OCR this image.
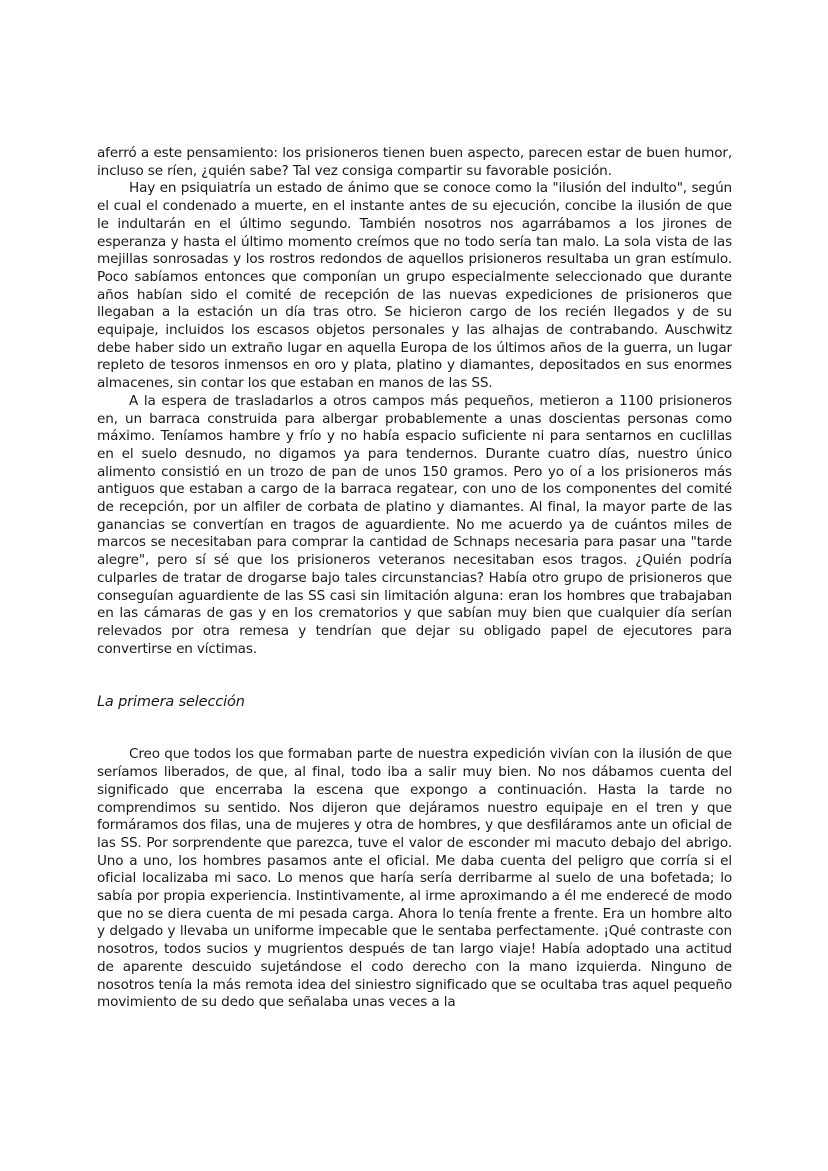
aferró a este pensamiento: los prisioneros tienen buen aspecto, parecen estar de buen humor, incluso se ríen, ¿quién sabe? Tal vez consiga compartir su favorable posición.

Hay en psiquiatría un estado de ánimo que se conoce como la "ilusión del indulto", según el cual el condenado a muerte, en el instante antes de su ejecución, concibe la ilusión de que le indultarán en el último segundo. También nosotros nos agarrábamos a los jirones de esperanza y hasta el último momento creímos que no todo sería tan malo. La sola vista de las mejillas sonrosadas y los rostros redondos de aquellos prisioneros resultaba un gran estímulo. Poco sabíamos entonces que componían un grupo especialmente seleccionado que durante años habían sido el comité de recepción de las nuevas expediciones de prisioneros que llegaban a la estación un día tras otro. Se hicieron cargo de los recién llegados y de su equipaje, incluidos los escasos objetos personales y las alhajas de contrabando. Auschwitz debe haber sido un extraño lugar en aquella Europa de los últimos años de la guerra, un lugar repleto de tesoros inmensos en oro y plata, platino y diamantes, depositados en sus enormes almacenes, sin contar los que estaban en manos de las SS.

A la espera de trasladarlos a otros campos más pequeños, metieron a 1100 prisioneros en, un barraca construida para albergar probablemente a unas doscientas personas como máximo. Teníamos hambre y frío y no había espacio suficiente ni para sentarnos en cuclillas en el suelo desnudo, no digamos ya para tendernos. Durante cuatro días, nuestro único alimento consistió en un trozo de pan de unos 150 gramos. Pero yo oí a los prisioneros más antiguos que estaban a cargo de la barraca regatear, con uno de los componentes del comité de recepción, por un alfiler de corbata de platino y diamantes. Al final, la mayor parte de las ganancias se convertían en tragos de aguardiente. No me acuerdo ya de cuántos miles de marcos se necesitaban para comprar la cantidad de Schnaps necesaria para pasar una "tarde alegre", pero sí sé que los prisioneros veteranos necesitaban esos tragos. ¿Quién podría culparles de tratar de drogarse bajo tales circunstancias? Había otro grupo de prisioneros que conseguían aguardiente de las SS casi sin limitación alguna: eran los hombres que trabajaban en las cámaras de gas y en los crematorios y que sabían muy bien que cualquier día serían relevados por otra remesa y tendrían que dejar su obligado papel de ejecutores para convertirse en víctimas.

La primera selección

Creo que todos los que formaban parte de nuestra expedición vivían con la ilusión de que seríamos liberados, de que, al final, todo iba a salir muy bien. No nos dábamos cuenta del significado que encerraba la escena que expongo a continuación. Hasta la tarde no comprendimos su sentido. Nos dijeron que dejáramos nuestro equipaje en el tren y que formáramos dos filas, una de mujeres y otra de hombres, y que desfiláramos ante un oficial de las SS. Por sorprendente que parezca, tuve el valor de esconder mi macuto debajo del abrigo. Uno a uno, los hombres pasamos ante el oficial. Me daba cuenta del peligro que corría si el oficial localizaba mi saco. Lo menos que haría sería derribarme al suelo de una bofetada; lo sabía por propia experiencia. Instintivamente, al irme aproximando a él me enderecé de modo que no se diera cuenta de mi pesada carga. Ahora lo tenía frente a frente. Era un hombre alto y delgado y llevaba un uniforme impecable que le sentaba perfectamente. ¡Qué contraste con nosotros, todos sucios y mugrientos después de tan largo viaje! Había adoptado una actitud de aparente descuido sujetándose el codo derecho con la mano izquierda. Ninguno de nosotros tenía la más remota idea del siniestro significado que se ocultaba tras aquel pequeño movimiento de su dedo que señalaba unas veces a la
